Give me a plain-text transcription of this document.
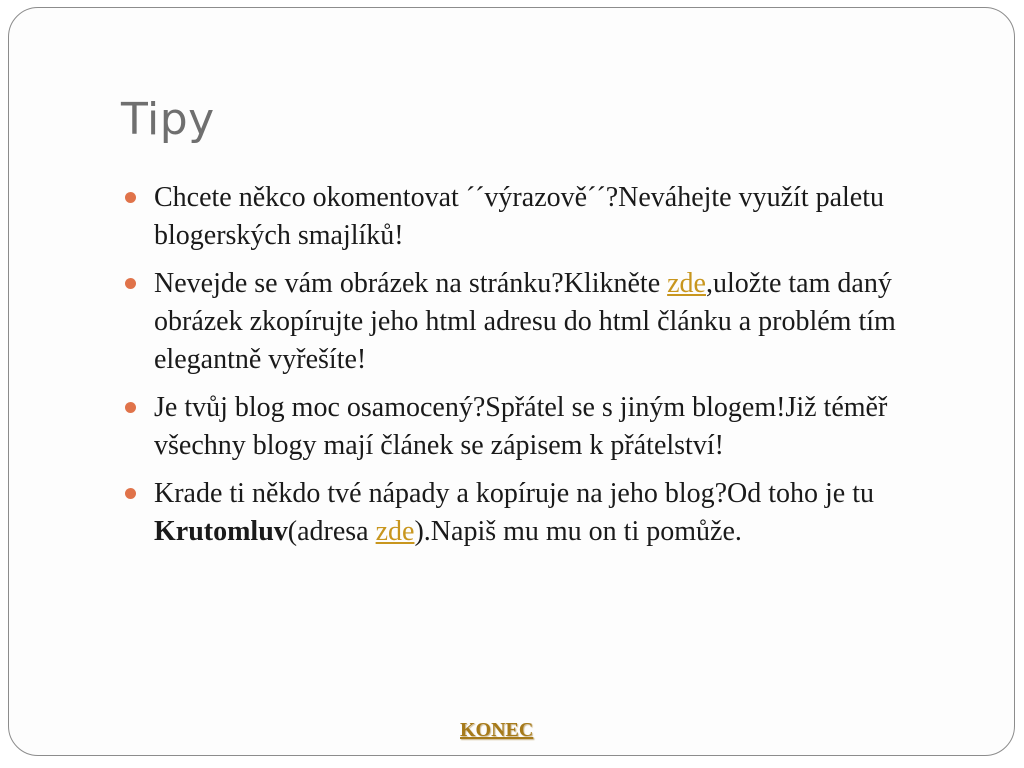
Tipy
Chcete někco okomentovat ´´výrazově´´?Neváhejte využít paletu blogerských smajlíků!
Nevejde se vám obrázek na stránku?Klikněte zde,uložte tam daný obrázek zkopírujte jeho html adresu do html článku a problém tím elegantně vyřešíte!
Je tvůj blog moc osamocený?Spřátel se s jiným blogem!Již téměř všechny blogy mají článek se zápisem k přátelství!
Krade ti někdo tvé nápady a kopíruje na jeho blog?Od toho je tu Krutomluv(adresa zde).Napiš mu mu on ti pomůže.
KONEC
